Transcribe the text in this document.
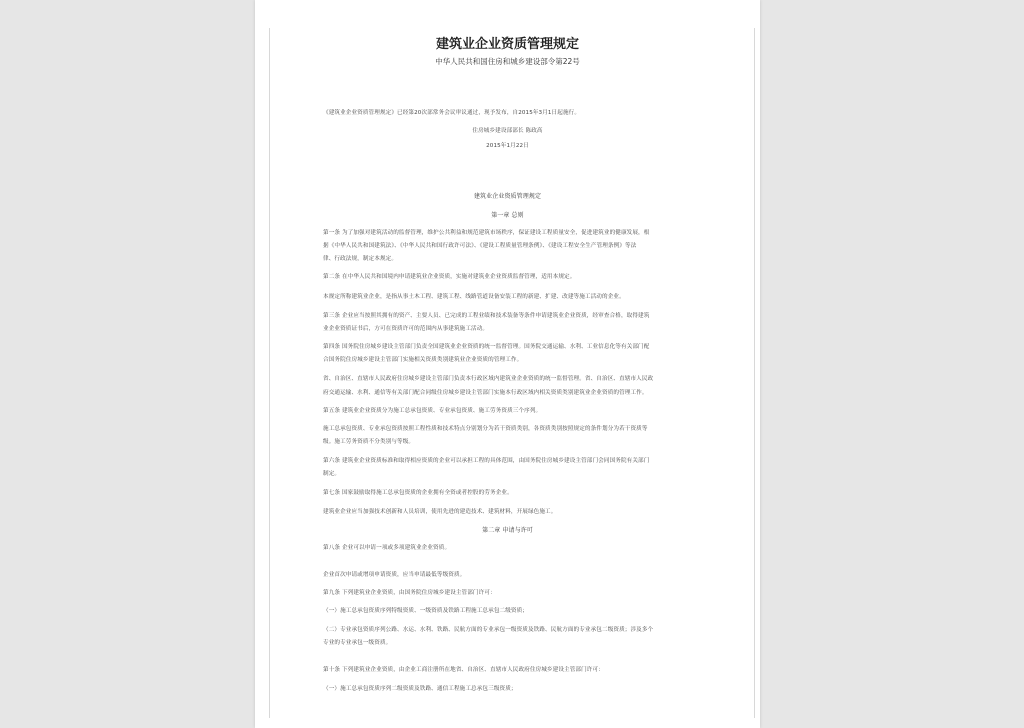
建筑业企业资质管理规定
中华人民共和国住房和城乡建设部令第22号
《建筑业企业资质管理规定》已经第20次部常务会议审议通过，现予发布，自2015年3月1日起施行。
住房城乡建设部部长 陈政高
2015年1月22日
建筑业企业资质管理规定
第一章 总则
第一条 为了加强对建筑活动的监督管理，维护公共利益和规范建筑市场秩序，保证建设工程质量安全，促进建筑业的健康发展，根
据《中华人民共和国建筑法》、《中华人民共和国行政许可法》、《建设工程质量管理条例》、《建设工程安全生产管理条例》等法
律、行政法规，制定本规定。
第二条 在中华人民共和国境内申请建筑业企业资质，实施对建筑业企业资质监督管理，适用本规定。
本规定所称建筑业企业，是指从事土木工程、建筑工程、线路管道设备安装工程的新建、扩建、改建等施工活动的企业。
第三条 企业应当按照其拥有的资产、主要人员、已完成的工程业绩和技术装备等条件申请建筑业企业资质，经审查合格，取得建筑
业企业资质证书后，方可在资质许可的范围内从事建筑施工活动。
第四条 国务院住房城乡建设主管部门负责全国建筑业企业资质的统一监督管理。国务院交通运输、水利、工业信息化等有关部门配
合国务院住房城乡建设主管部门实施相关资质类别建筑业企业资质的管理工作。
省、自治区、直辖市人民政府住房城乡建设主管部门负责本行政区域内建筑业企业资质的统一监督管理。省、自治区、直辖市人民政
府交通运输、水利、通信等有关部门配合同级住房城乡建设主管部门实施本行政区域内相关资质类别建筑业企业资质的管理工作。
第五条 建筑业企业资质分为施工总承包资质、专业承包资质、施工劳务资质三个序列。
施工总承包资质、专业承包资质按照工程性质和技术特点分别划分为若干资质类别，各资质类别按照规定的条件划分为若干资质等
级。施工劳务资质不分类别与等级。
第六条 建筑业企业资质标准和取得相应资质的企业可以承担工程的具体范围，由国务院住房城乡建设主管部门会同国务院有关部门
制定。
第七条 国家鼓励取得施工总承包资质的企业拥有全资或者控股的劳务企业。
建筑业企业应当加强技术创新和人员培训，使用先进的建造技术、建筑材料，开展绿色施工。
第二章 申请与许可
第八条 企业可以申请一项或多项建筑业企业资质。
企业首次申请或增项申请资质，应当申请最低等级资质。
第九条 下列建筑业企业资质，由国务院住房城乡建设主管部门许可：
（一）施工总承包资质序列特级资质、一级资质及铁路工程施工总承包二级资质；
（二）专业承包资质序列公路、水运、水利、铁路、民航方面的专业承包一级资质及铁路、民航方面的专业承包二级资质；涉及多个
专业的专业承包一级资质。
第十条 下列建筑业企业资质，由企业工商注册所在地省、自治区、直辖市人民政府住房城乡建设主管部门许可：
（一）施工总承包资质序列二级资质及铁路、通信工程施工总承包三级资质；
